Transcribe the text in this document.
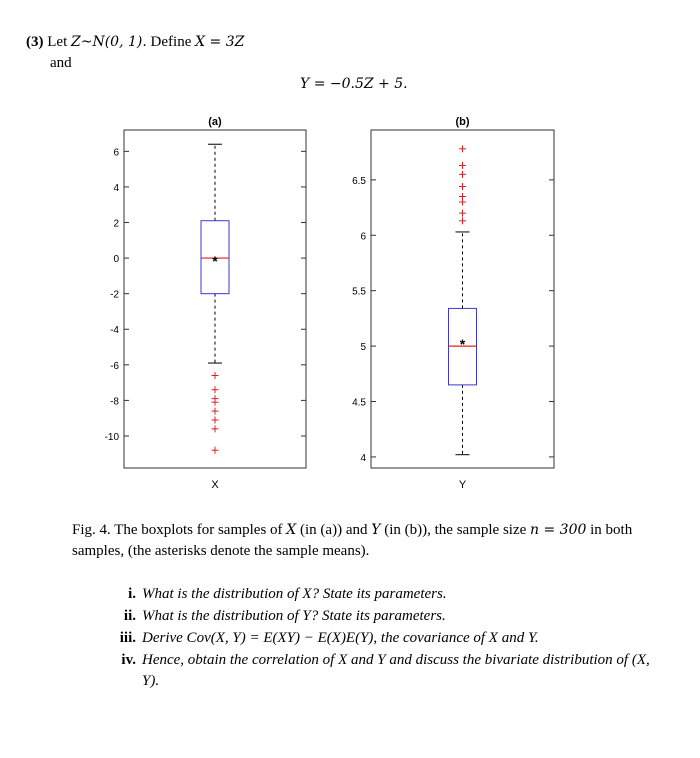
(3) Let Z~N(0, 1). Define X = 3Z
and
Y = −0.5Z + 5.
(a)
X
6
4
2
0
-2
-4
-6
-8
-10
*
(b)
Y
6.5
6
5.5
5
4.5
4
*
Fig. 4. The boxplots for samples of X (in (a)) and Y (in (b)), the sample size n = 300 in both samples, (the asterisks denote the sample means).
i. What is the distribution of X? State its parameters.
ii. What is the distribution of Y? State its parameters.
iii. Derive Cov(X, Y) = E(XY) − E(X)E(Y), the covariance of X and Y.
iv. Hence, obtain the correlation of X and Y and discuss the bivariate distribution of (X, Y).
